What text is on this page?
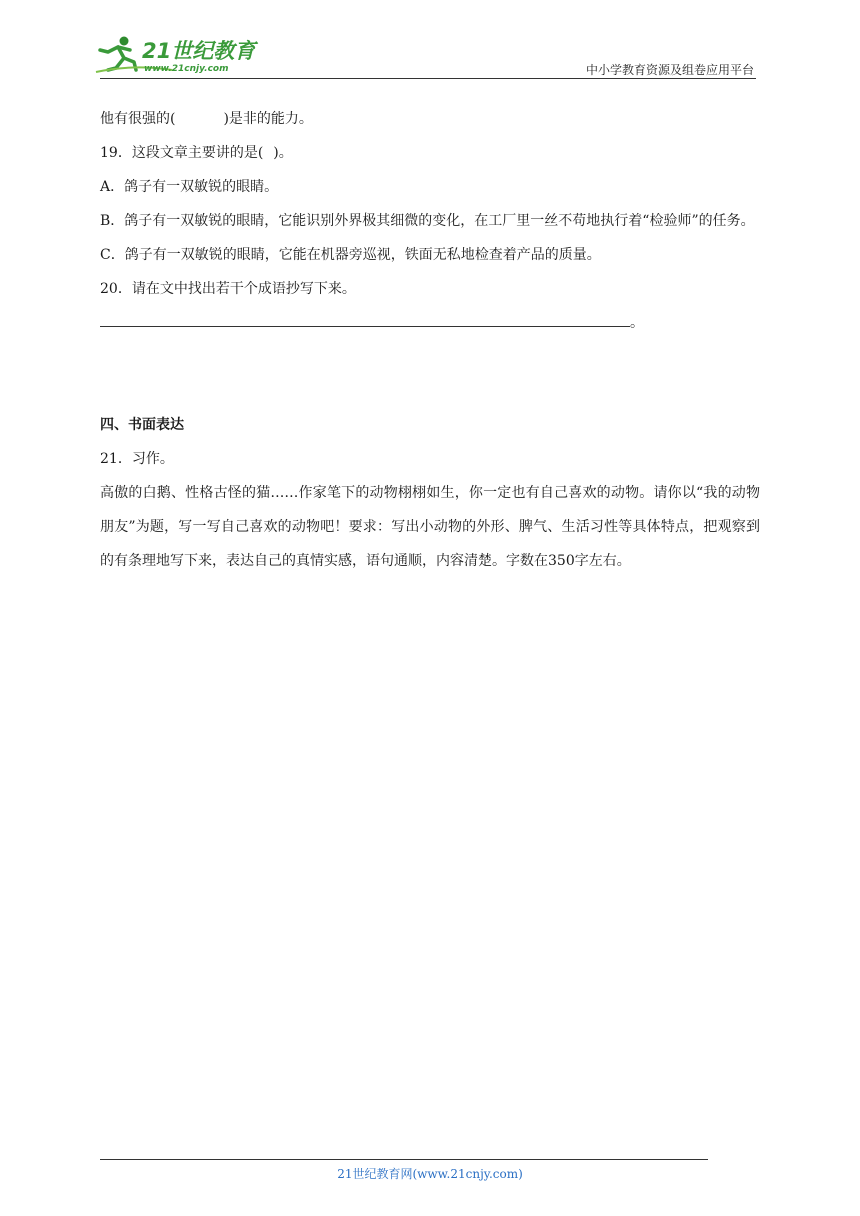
21世纪教育
www.21cnjy.com	中小学教育资源及组卷应用平台
他有很强的(	)是非的能力。
19．这段文章主要讲的是( )。
A．鸽子有一双敏锐的眼睛。
B．鸽子有一双敏锐的眼睛，它能识别外界极其细微的变化，在工厂里一丝不苟地执行着“检验师”的任务。
C．鸽子有一双敏锐的眼睛，它能在机器旁巡视，铁面无私地检查着产品的质量。
20．请在文中找出若干个成语抄写下来。
。
四、书面表达
21．习作。
高傲的白鹅、性格古怪的猫……作家笔下的动物栩栩如生，你一定也有自己喜欢的动物。请你以“我的动物朋友”为题，写一写自己喜欢的动物吧！要求：写出小动物的外形、脾气、生活习性等具体特点，把观察到的有条理地写下来，表达自己的真情实感，语句通顺，内容清楚。字数在350字左右。
21世纪教育网(www.21cnjy.com)
